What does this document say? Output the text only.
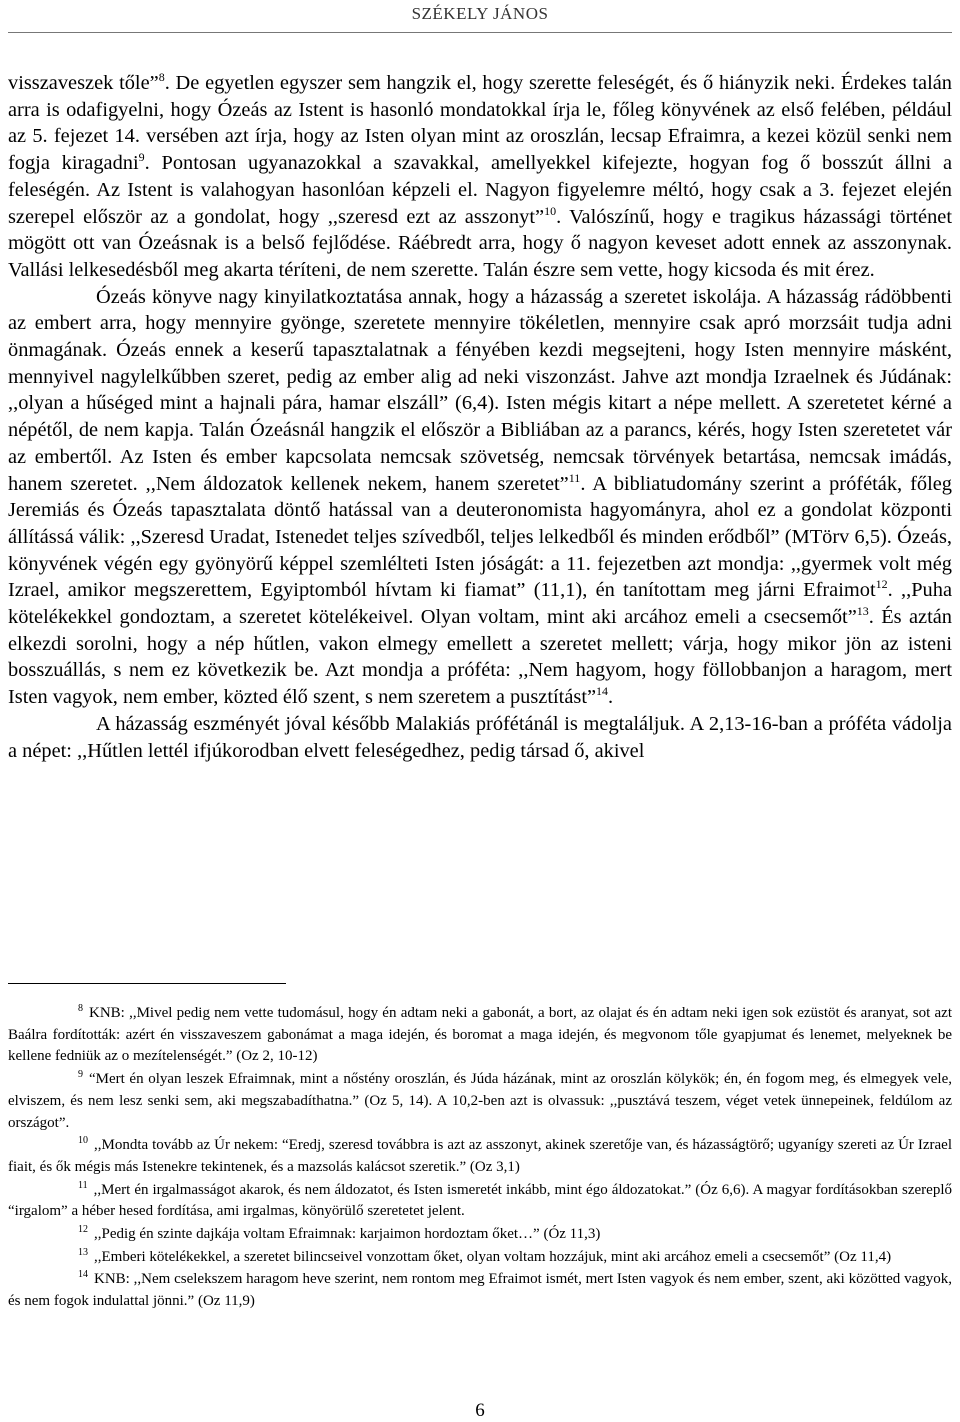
SZÉKELY JÁNOS

visszaveszek tőle”$^8$. De egyetlen egyszer sem hangzik el, hogy szerette feleségét, és ő hiányzik neki. Érdekes talán arra is odafigyelni, hogy Ózeás az Istent is hasonló mondatokkal írja le, főleg könyvének az első felében, például az 5. fejezet 14. versében azt írja, hogy az Isten olyan mint az oroszlán, lecsap Efraimra, a kezei közül senki nem fogja kiragadni$^9$. Pontosan ugyanazokkal a szavakkal, amellyekkel kifejezte, hogyan fog ő bosszút állni a feleségén. Az Istent is valahogyan hasonlóan képzeli el. Nagyon figyelemre méltó, hogy csak a 3. fejezet elején szerepel először az a gondolat, hogy ,,szeresd ezt az asszonyt”$^{10}$. Valószínű, hogy e tragikus házassági történet mögött ott van Ózeásnak is a belső fejlődése. Ráébredt arra, hogy ő nagyon keveset adott ennek az asszonynak. Vallási lelkesedésből meg akarta téríteni, de nem szerette. Talán észre sem vette, hogy kicsoda és mit érez.

Ózeás könyve nagy kinyilatkoztatása annak, hogy a házasság a szeretet iskolája. A házasság rádöbbenti az embert arra, hogy mennyire gyönge, szeretete mennyire tökéletlen, mennyire csak apró morzsáit tudja adni önmagának. Ózeás ennek a keserű tapasztalatnak a fényében kezdi megsejteni, hogy Isten mennyire másként, mennyivel nagylelkűbben szeret, pedig az ember alig ad neki viszonzást. Jahve azt mondja Izraelnek és Júdának: ,,olyan a hűséged mint a hajnali pára, hamar elszáll” (6,4). Isten mégis kitart a népe mellett. A szeretetet kérné a népétől, de nem kapja. Talán Ózeásnál hangzik el először a Bibliában az a parancs, kérés, hogy Isten szeretetet vár az embertől. Az Isten és ember kapcsolata nemcsak szövetség, nemcsak törvények betartása, nemcsak imádás, hanem szeretet. ,,Nem áldozatok kellenek nekem, hanem szeretet”$^{11}$. A bibliatudomány szerint a próféták, főleg Jeremiás és Ózeás tapasztalata döntő hatással van a deuteronomista hagyományra, ahol ez a gondolat központi állítássá válik: ,,Szeresd Uradat, Istenedet teljes szívedből, teljes lelkedből és minden erődből” (MTörv 6,5). Ózeás, könyvének végén egy gyönyörű képpel szemlélteti Isten jóságát: a 11. fejezetben azt mondja: ,,gyermek volt még Izrael, amikor megszerettem, Egyiptomból hívtam ki fiamat” (11,1), én tanítottam meg járni Efraimot$^{12}$. ,,Puha kötelékekkel gondoztam, a szeretet kötelékeivel. Olyan voltam, mint aki arcához emeli a csecsemőt”$^{13}$. És aztán elkezdi sorolni, hogy a nép hűtlen, vakon elmegy emellett a szeretet mellett; várja, hogy mikor jön az isteni bosszuállás, s nem ez következik be. Azt mondja a próféta: ,,Nem hagyom, hogy föllobbanjon a haragom, mert Isten vagyok, nem ember, közted élő szent, s nem szeretem a pusztítást”$^{14}$.

A házasság eszményét jóval később Malakiás prófétánál is megtaláljuk. A 2,13-16-ban a próféta vádolja a népet: ,,Hűtlen lettél ifjúkorodban elvett feleségedhez, pedig társad ő, akivel

$^8$ KNB: ,,Mivel pedig nem vette tudomásul, hogy én adtam neki a gabonát, a bort, az olajat és én adtam neki igen sok ezüstöt és aranyat, sot azt Baálra fordították: azért én visszaveszem gabonámat a maga idején, és boromat a maga idején, és megvonom tőle gyapjumat és lenemet, melyeknek be kellene fedniük az o mezítelenségét.” (Oz 2, 10-12)

$^9$ “Mert én olyan leszek Efraimnak, mint a nőstény oroszlán, és Júda házának, mint az oroszlán kölykök; én, én fogom meg, és elmegyek vele, elviszem, és nem lesz senki sem, aki megszabadíthatna.” (Oz 5, 14). A 10,2-ben azt is olvassuk: ,,pusztává teszem, véget vetek ünnepeinek, feldúlom az országot”.

$^{10}$ ,,Mondta tovább az Úr nekem: “Eredj, szeresd továbbra is azt az asszonyt, akinek szeretője van, és házasságtörő; ugyanígy szereti az Úr Izrael fiait, és ők mégis más Istenekre tekintenek, és a mazsolás kalácsot szeretik.” (Oz 3,1)

$^{11}$ ,,Mert én irgalmasságot akarok, és nem áldozatot, és Isten ismeretét inkább, mint égo áldozatokat.” (Óz 6,6). A magyar fordításokban szereplő “irgalom” a héber hesed fordítása, ami irgalmas, könyörülő szeretetet jelent.

$^{12}$ ,,Pedig én szinte dajkája voltam Efraimnak: karjaimon hordoztam őket…” (Óz 11,3)

$^{13}$ ,,Emberi kötelékekkel, a szeretet bilincseivel vonzottam őket, olyan voltam hozzájuk, mint aki arcához emeli a csecsemőt” (Oz 11,4)

$^{14}$ KNB: ,,Nem cselekszem haragom heve szerint, nem rontom meg Efraimot ismét, mert Isten vagyok és nem ember, szent, aki közötted vagyok, és nem fogok indulattal jönni.” (Oz 11,9)

6
